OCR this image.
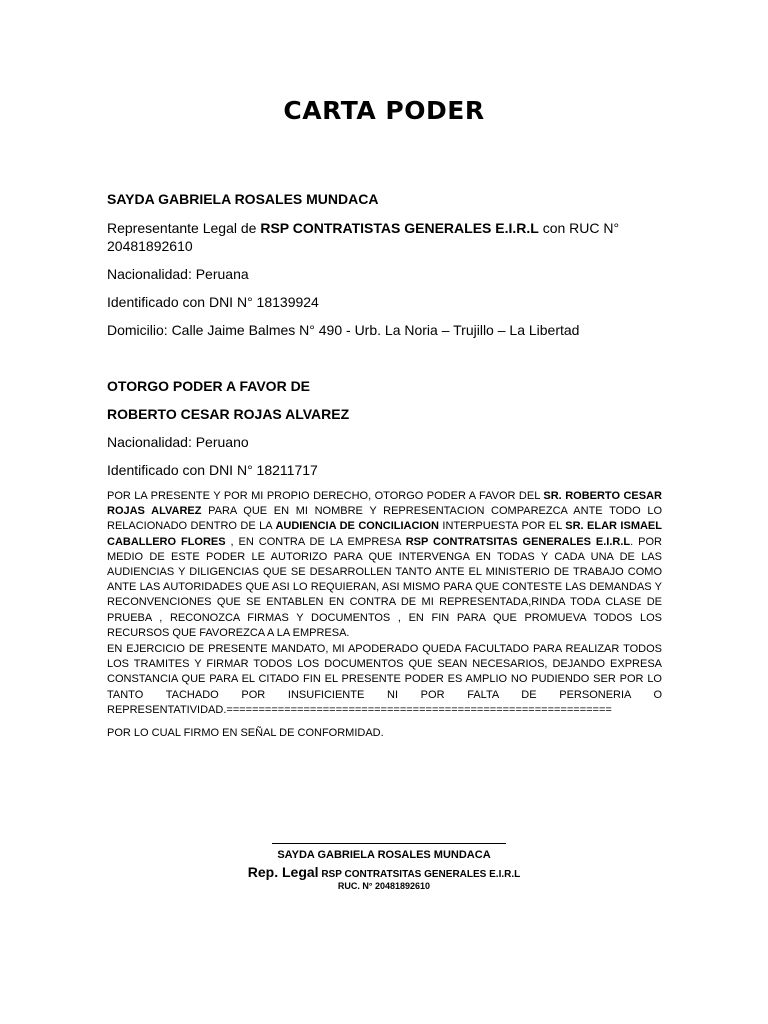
CARTA PODER
SAYDA GABRIELA ROSALES MUNDACA
Representante Legal de RSP CONTRATISTAS GENERALES E.I.R.L con RUC N°
20481892610
Nacionalidad: Peruana
Identificado con DNI N° 18139924
Domicilio: Calle Jaime Balmes N° 490 - Urb. La Noria – Trujillo – La Libertad
OTORGO PODER A FAVOR DE
ROBERTO CESAR ROJAS ALVAREZ
Nacionalidad: Peruano
Identificado con DNI N° 18211717

POR LA PRESENTE Y POR MI PROPIO DERECHO, OTORGO PODER A FAVOR DEL SR. ROBERTO CESAR ROJAS ALVAREZ PARA QUE EN MI NOMBRE Y REPRESENTACION COMPAREZCA ANTE TODO LO RELACIONADO DENTRO DE LA AUDIENCIA DE CONCILIACION INTERPUESTA POR EL SR. ELAR ISMAEL CABALLERO FLORES , EN CONTRA DE LA EMPRESA RSP CONTRATSITAS GENERALES E.I.R.L. POR MEDIO DE ESTE PODER LE AUTORIZO PARA QUE INTERVENGA EN TODAS Y CADA UNA DE LAS AUDIENCIAS Y DILIGENCIAS QUE SE DESARROLLEN TANTO ANTE EL MINISTERIO DE TRABAJO COMO ANTE LAS AUTORIDADES QUE ASI LO REQUIERAN, ASI MISMO PARA QUE CONTESTE LAS DEMANDAS Y RECONVENCIONES QUE SE ENTABLEN EN CONTRA DE MI REPRESENTADA,RINDA TODA CLASE DE PRUEBA , RECONOZCA FIRMAS Y DOCUMENTOS , EN FIN PARA QUE PROMUEVA TODOS LOS RECURSOS QUE FAVOREZCA A LA EMPRESA.

EN EJERCICIO DE PRESENTE MANDATO, MI APODERADO QUEDA FACULTADO PARA REALIZAR TODOS LOS TRAMITES Y FIRMAR TODOS LOS DOCUMENTOS QUE SEAN NECESARIOS, DEJANDO EXPRESA CONSTANCIA QUE PARA EL CITADO FIN EL PRESENTE PODER ES AMPLIO NO PUDIENDO SER POR LO TANTO TACHADO POR INSUFICIENTE NI POR FALTA DE PERSONERIA O REPRESENTATIVIDAD.============================================================

POR LO CUAL FIRMO EN SEÑAL DE CONFORMIDAD.

SAYDA GABRIELA ROSALES MUNDACA
Rep. Legal RSP CONTRATSITAS GENERALES E.I.R.L
RUC. N° 20481892610
